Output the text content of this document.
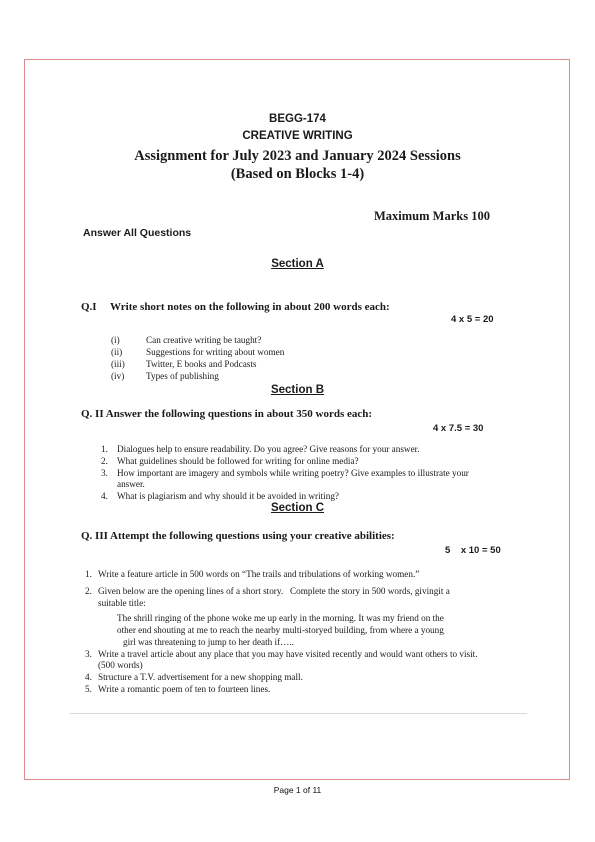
BEGG-174
CREATIVE WRITING
Assignment for July 2023 and January 2024 Sessions
(Based on Blocks 1-4)
Maximum Marks 100
Answer All Questions
Section A
Q.I Write short notes on the following in about 200 words each:
4 x 5 = 20
(i)	Can creative writing be taught?
(ii)	Suggestions for writing about women
(iii) Twitter, E books and Podcasts
(iv) Types of publishing
Section B
Q. II Answer the following questions in about 350 words each:
4 x 7.5 = 30
1. Dialogues help to ensure readability. Do you agree? Give reasons for your answer.
2. What guidelines should be followed for writing for online media?
3. How important are imagery and symbols while writing poetry? Give examples to illustrate your
answer.
4. What is plagiarism and why should it be avoided in writing?
Section C
Q. III Attempt the following questions using your creative abilities:
5    x 10 = 50
1. Write a feature article in 500 words on “The trails and tribulations of working women.”
2. Given below are the opening lines of a short story.   Complete the story in 500 words, givingit a
suitable title:
The shrill ringing of the phone woke me up early in the morning. It was my friend on the
other end shouting at me to reach the nearby multi-storyed building, from where a young
girl was threatening to jump to her death if…..
3. Write a travel article about any place that you may have visited recently and would want others to visit.
(500 words)
4. Structure a T.V. advertisement for a new shopping mall.
5. Write a romantic poem of ten to fourteen lines.
Page 1 of 11
